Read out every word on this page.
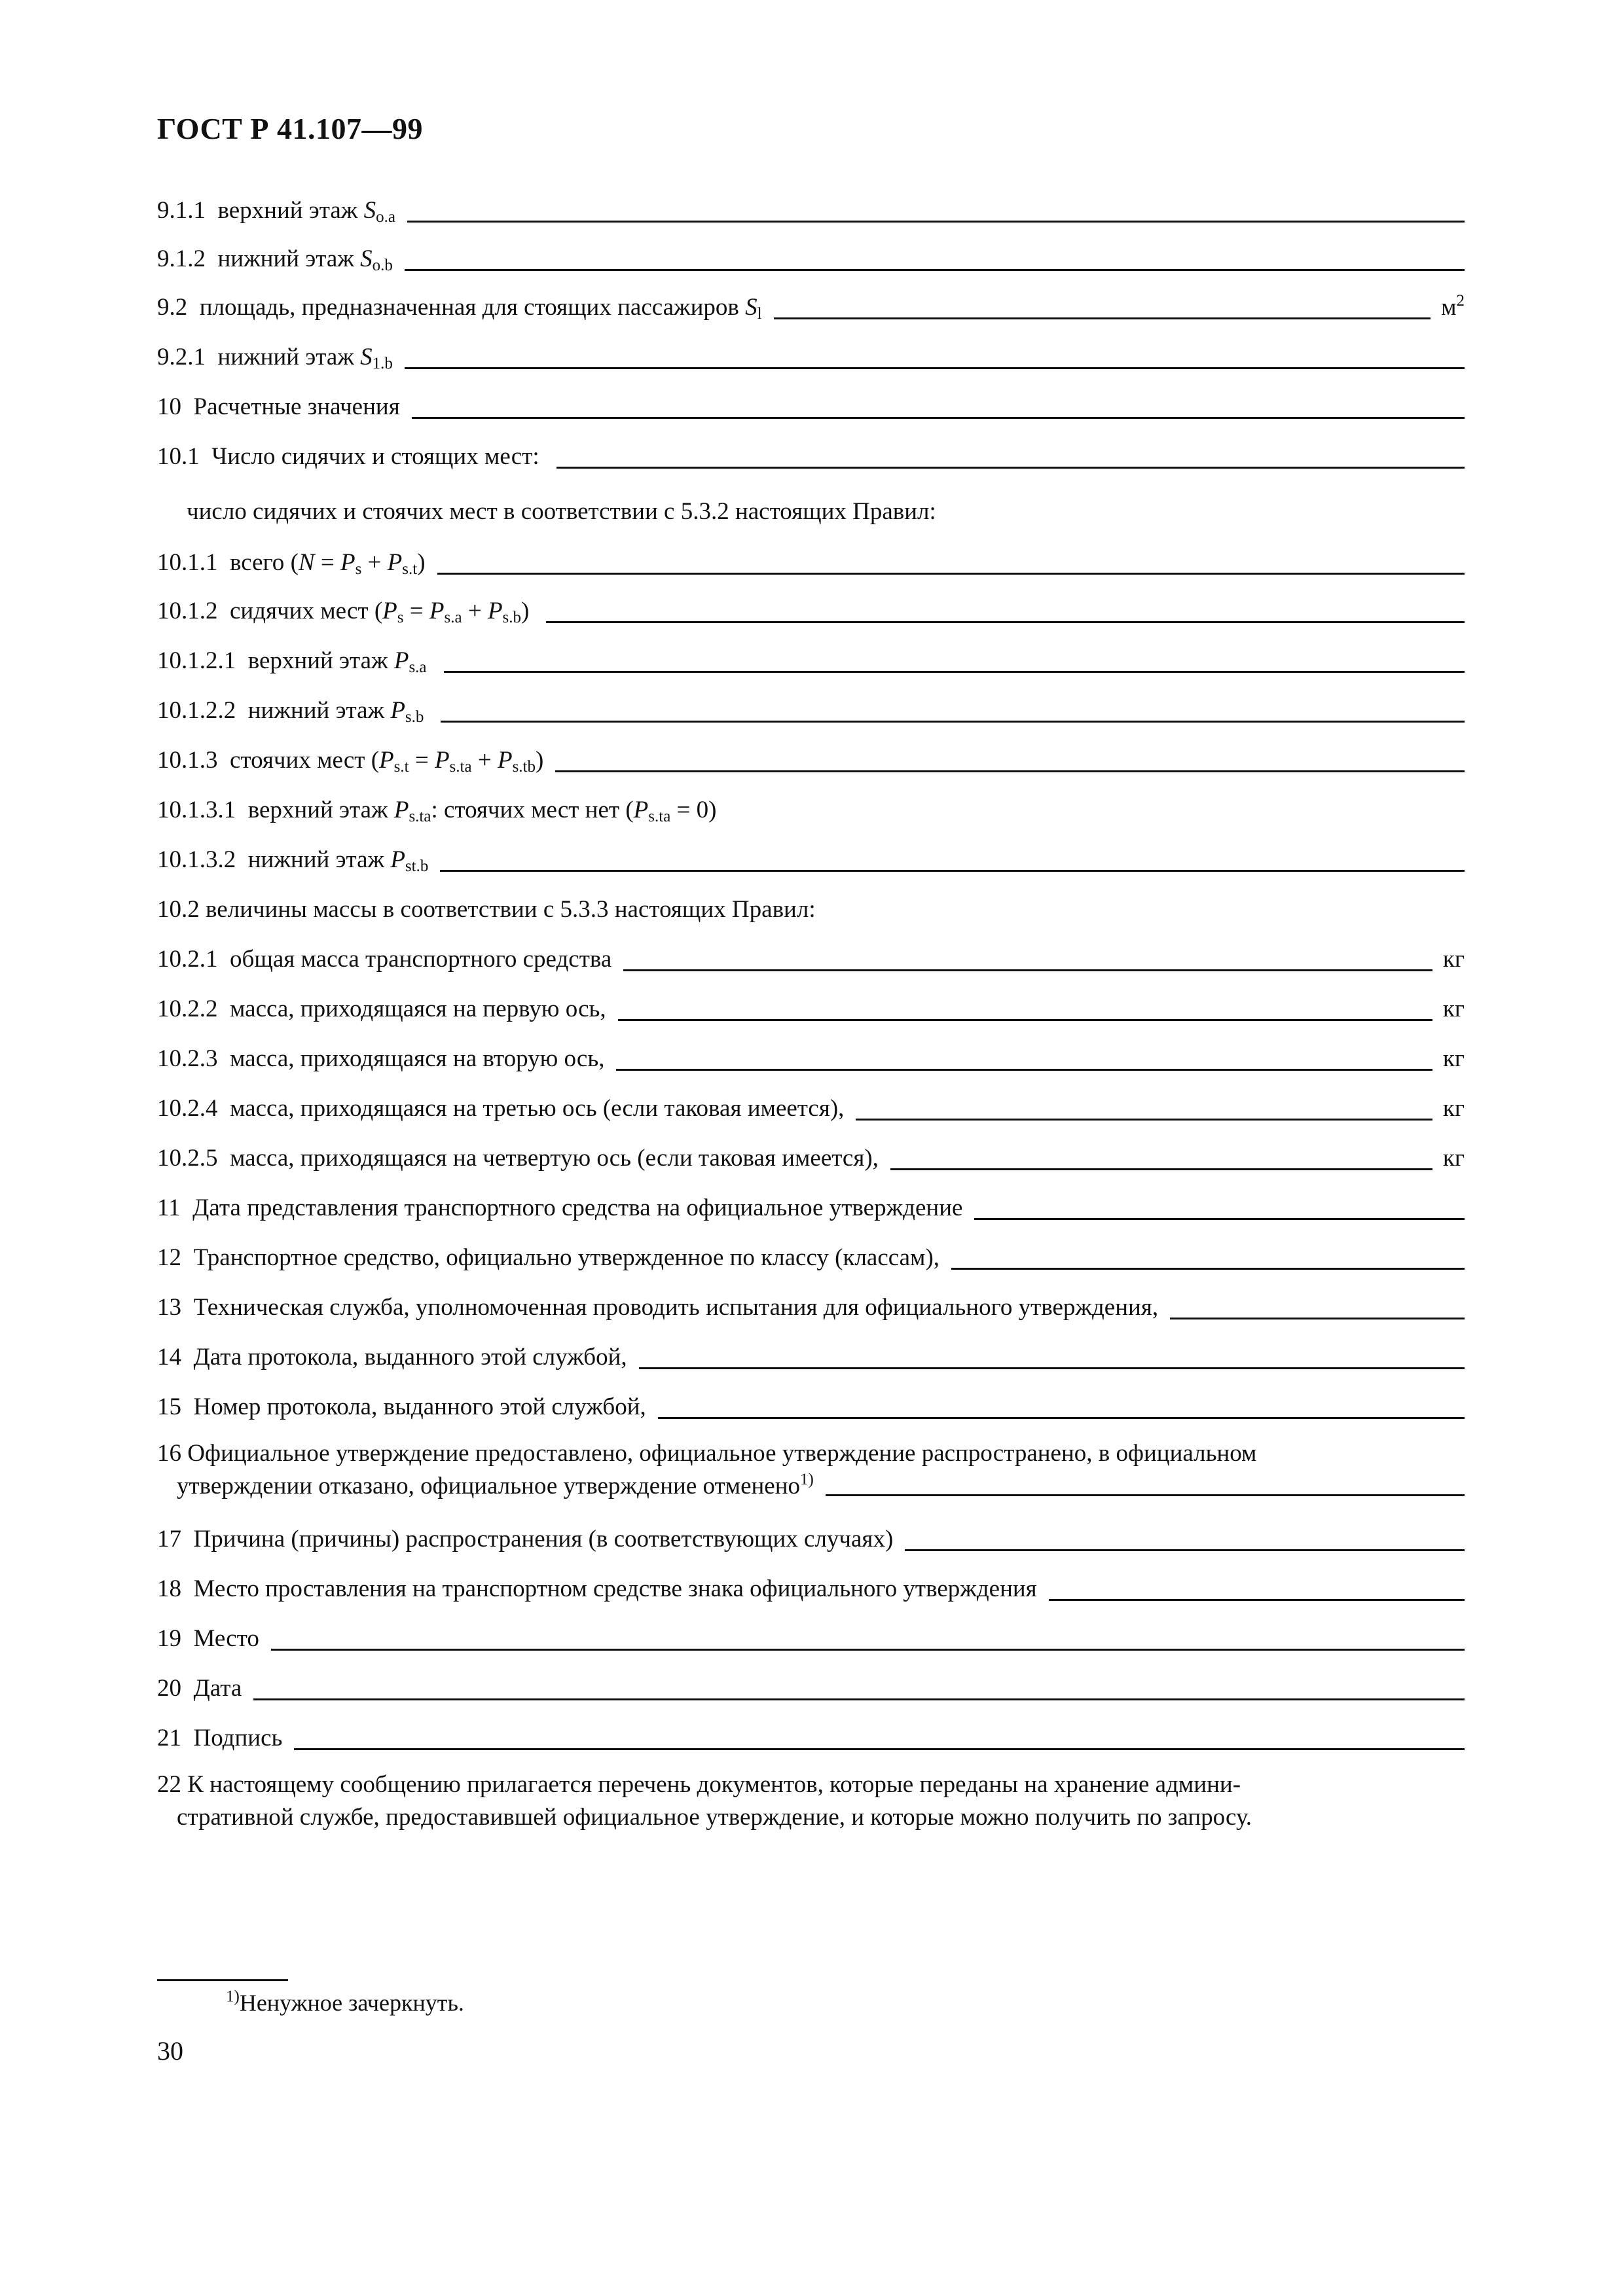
ГОСТ Р 41.107—99
9.1.1  верхний этаж $S_{o.a}$
9.1.2  нижний этаж $S_{o.b}$
9.2  площадь, предназначенная для стоящих пассажиров $S_l$	$м^2$
9.2.1  нижний этаж $S_{1.b}$
10  Расчетные значения
10.1  Число сидячих и стоящих мест:
число сидячих и стоячих мест в соответствии с 5.3.2 настоящих Правил:
10.1.1  всего $(N = P_s + P_{s.t})$
10.1.2  сидячих мест $(P_s = P_{s.a} + P_{s.b})$
10.1.2.1  верхний этаж $P_{s.a}$
10.1.2.2  нижний этаж $P_{s.b}$
10.1.3  стоячих мест $(P_{s.t} = P_{s.ta} + P_{s.tb})$
10.1.3.1  верхний этаж $P_{s.ta}$: стоячих мест нет $(P_{s.ta} = 0)$
10.1.3.2  нижний этаж $P_{st.b}$
10.2 величины массы в соответствии с 5.3.3 настоящих Правил:
10.2.1  общая масса транспортного средства	кг
10.2.2  масса, приходящаяся на первую ось,	кг
10.2.3  масса, приходящаяся на вторую ось,	кг
10.2.4  масса, приходящаяся на третью ось (если таковая имеется),	кг
10.2.5  масса, приходящаяся на четвертую ось (если таковая имеется),	кг
11  Дата представления транспортного средства на официальное утверждение
12  Транспортное средство, официально утвержденное по классу (классам),
13  Техническая служба, уполномоченная проводить испытания для официального утверждения,
14  Дата протокола, выданного этой службой,
15  Номер протокола, выданного этой службой,
16 Официальное утверждение предоставлено, официальное утверждение распространено, в официальном
утверждении отказано, официальное утверждение отменено$^{1)}$
17  Причина (причины) распространения (в соответствующих случаях)
18  Место проставления на транспортном средстве знака официального утверждения
19  Место
20  Дата
21  Подпись
22 К настоящему сообщению прилагается перечень документов, которые переданы на хранение админи-
стративной службе, предоставившей официальное утверждение, и которые можно получить по запросу.
$^{1)}$Ненужное зачеркнуть.
30
